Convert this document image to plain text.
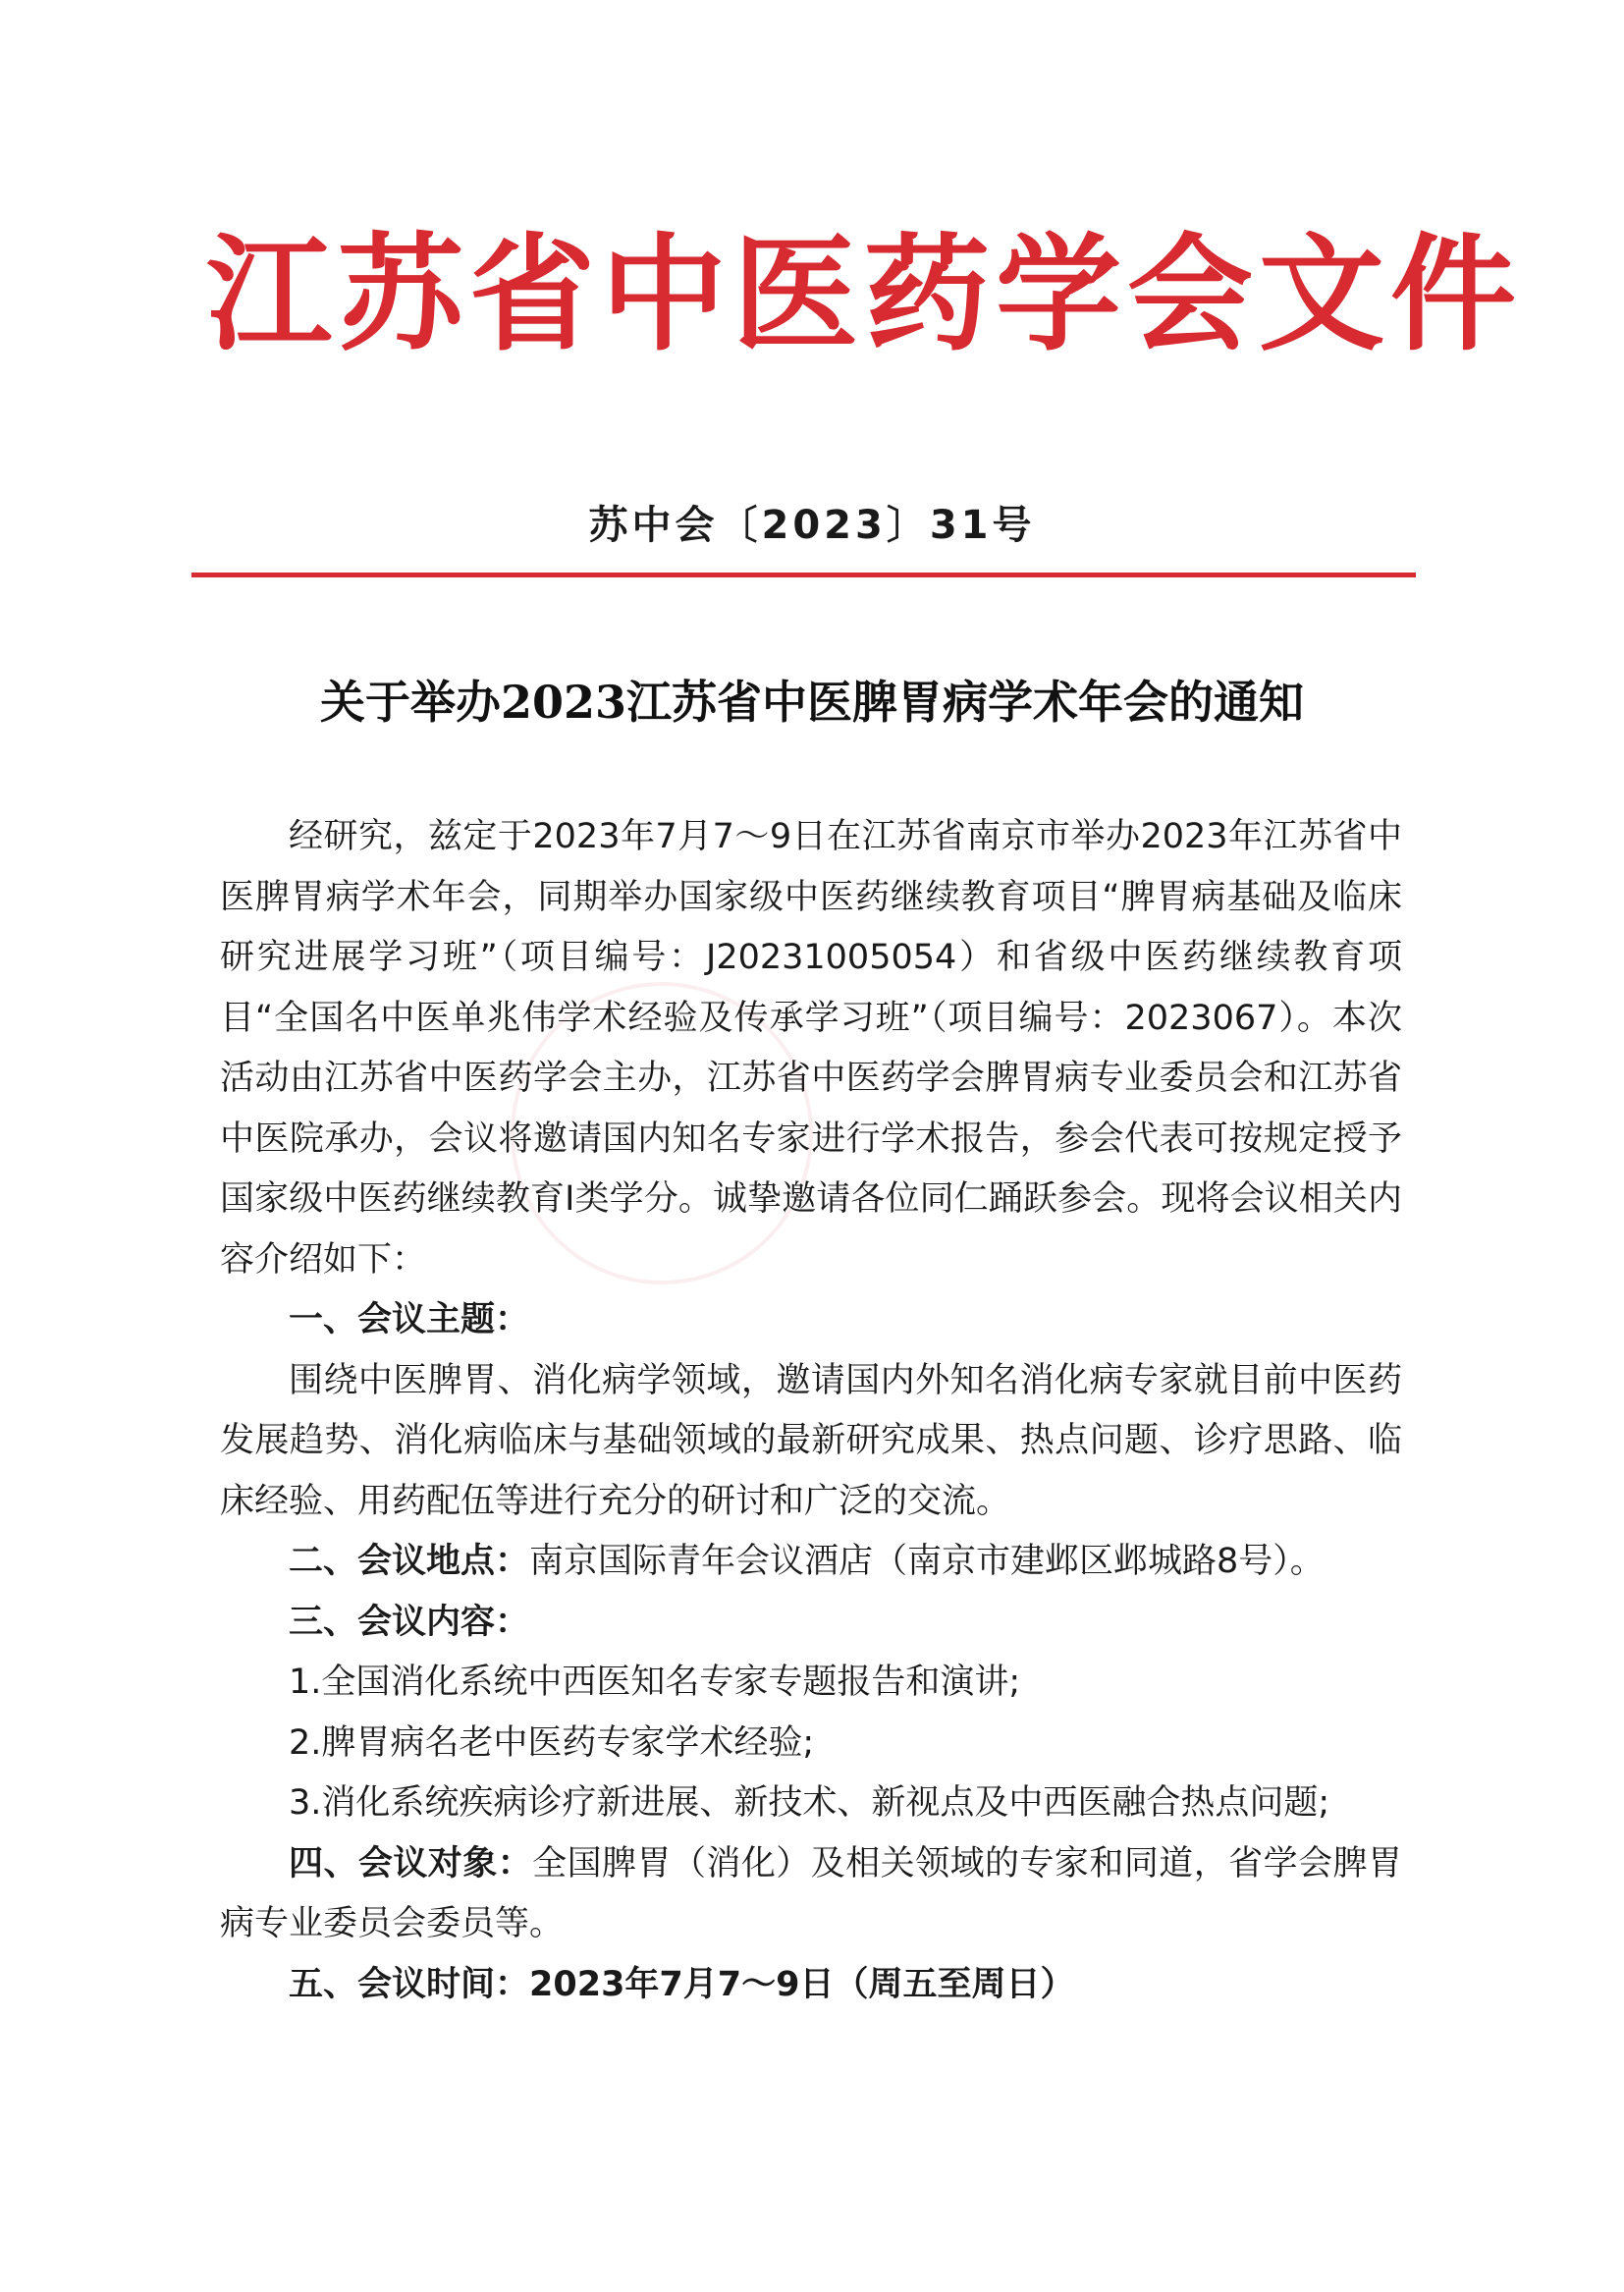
江苏省中医药学会文件
苏中会〔2023〕31号
关于举办2023江苏省中医脾胃病学术年会的通知

经研究，兹定于2023年7月7～9日在江苏省南京市举办2023年江苏省中医脾胃病学术年会，同期举办国家级中医药继续教育项目“脾胃病基础及临床研究进展学习班”（项目编号：J20231005054）和省级中医药继续教育项目“全国名中医单兆伟学术经验及传承学习班”（项目编号：2023067）。本次活动由江苏省中医药学会主办，江苏省中医药学会脾胃病专业委员会和江苏省中医院承办，会议将邀请国内知名专家进行学术报告，参会代表可按规定授予国家级中医药继续教育Ⅰ类学分。诚挚邀请各位同仁踊跃参会。现将会议相关内容介绍如下：

一、会议主题：

围绕中医脾胃、消化病学领域，邀请国内外知名消化病专家就目前中医药发展趋势、消化病临床与基础领域的最新研究成果、热点问题、诊疗思路、临床经验、用药配伍等进行充分的研讨和广泛的交流。

二、会议地点：南京国际青年会议酒店（南京市建邺区邺城路8号）。

三、会议内容：

1.全国消化系统中西医知名专家专题报告和演讲;

2.脾胃病名老中医药专家学术经验;

3.消化系统疾病诊疗新进展、新技术、新视点及中西医融合热点问题;

四、会议对象：全国脾胃（消化）及相关领域的专家和同道，省学会脾胃病专业委员会委员等。

五、会议时间：2023年7月7～9日（周五至周日）
